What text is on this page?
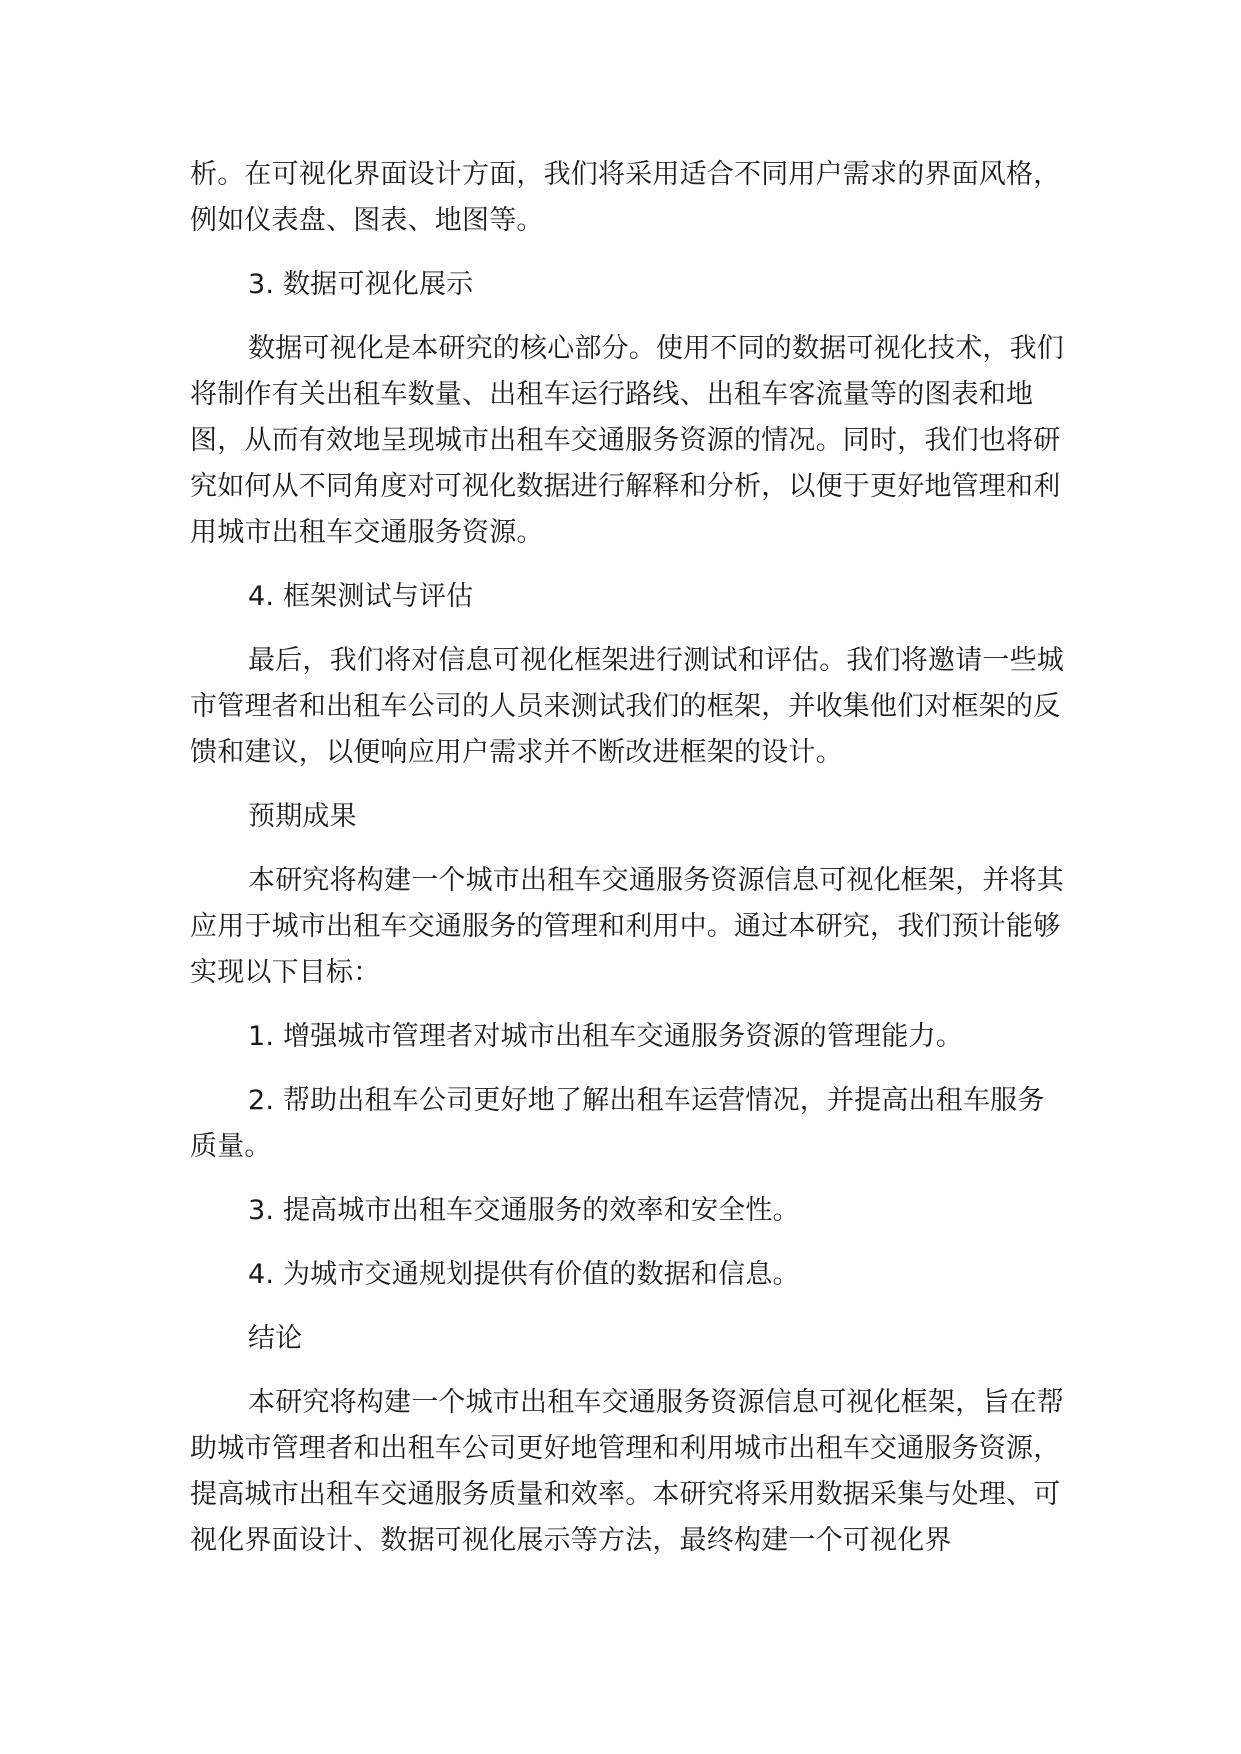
析。在可视化界面设计方面，我们将采用适合不同用户需求的界面风格，例如仪表盘、图表、地图等。

3. 数据可视化展示

数据可视化是本研究的核心部分。使用不同的数据可视化技术，我们将制作有关出租车数量、出租车运行路线、出租车客流量等的图表和地图，从而有效地呈现城市出租车交通服务资源的情况。同时，我们也将研究如何从不同角度对可视化数据进行解释和分析，以便于更好地管理和利用城市出租车交通服务资源。

4. 框架测试与评估

最后，我们将对信息可视化框架进行测试和评估。我们将邀请一些城市管理者和出租车公司的人员来测试我们的框架，并收集他们对框架的反馈和建议，以便响应用户需求并不断改进框架的设计。

预期成果

本研究将构建一个城市出租车交通服务资源信息可视化框架，并将其应用于城市出租车交通服务的管理和利用中。通过本研究，我们预计能够实现以下目标：

1. 增强城市管理者对城市出租车交通服务资源的管理能力。

2. 帮助出租车公司更好地了解出租车运营情况，并提高出租车服务质量。

3. 提高城市出租车交通服务的效率和安全性。

4. 为城市交通规划提供有价值的数据和信息。

结论

本研究将构建一个城市出租车交通服务资源信息可视化框架，旨在帮助城市管理者和出租车公司更好地管理和利用城市出租车交通服务资源，提高城市出租车交通服务质量和效率。本研究将采用数据采集与处理、可视化界面设计、数据可视化展示等方法，最终构建一个可视化界
